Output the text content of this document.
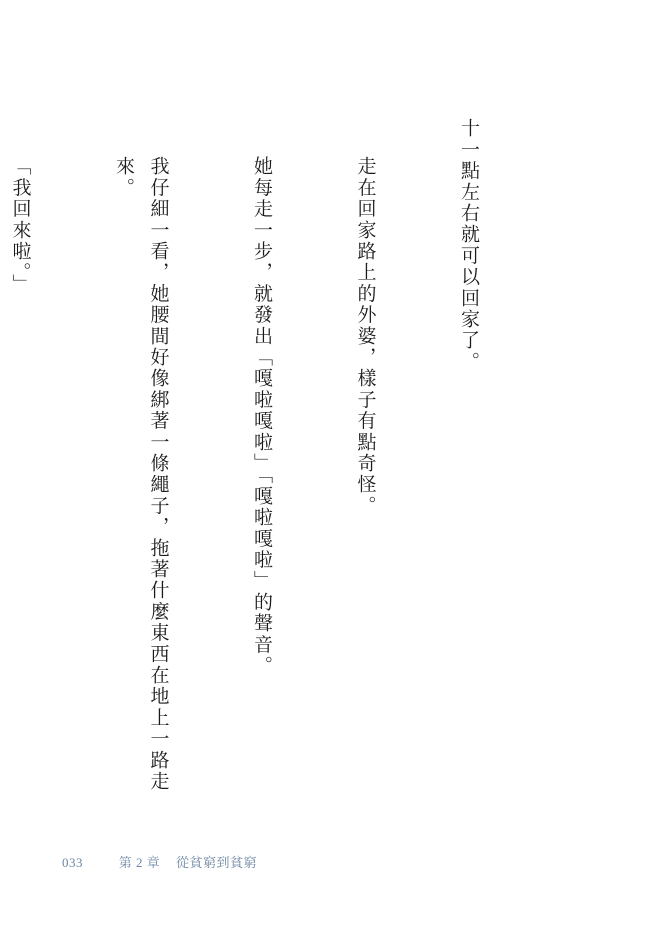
十一點左右就可以回家了。

走在回家路上的外婆，樣子有點奇怪。

她每走一步，就發出「嘎啦嘎啦」「嘎啦嘎啦」的聲音。

我仔細一看，她腰間好像綁著一條繩子，拖著什麼東西在地上一路走來。

「我回來啦。」

033	第 2 章 從貧窮到貧窮
